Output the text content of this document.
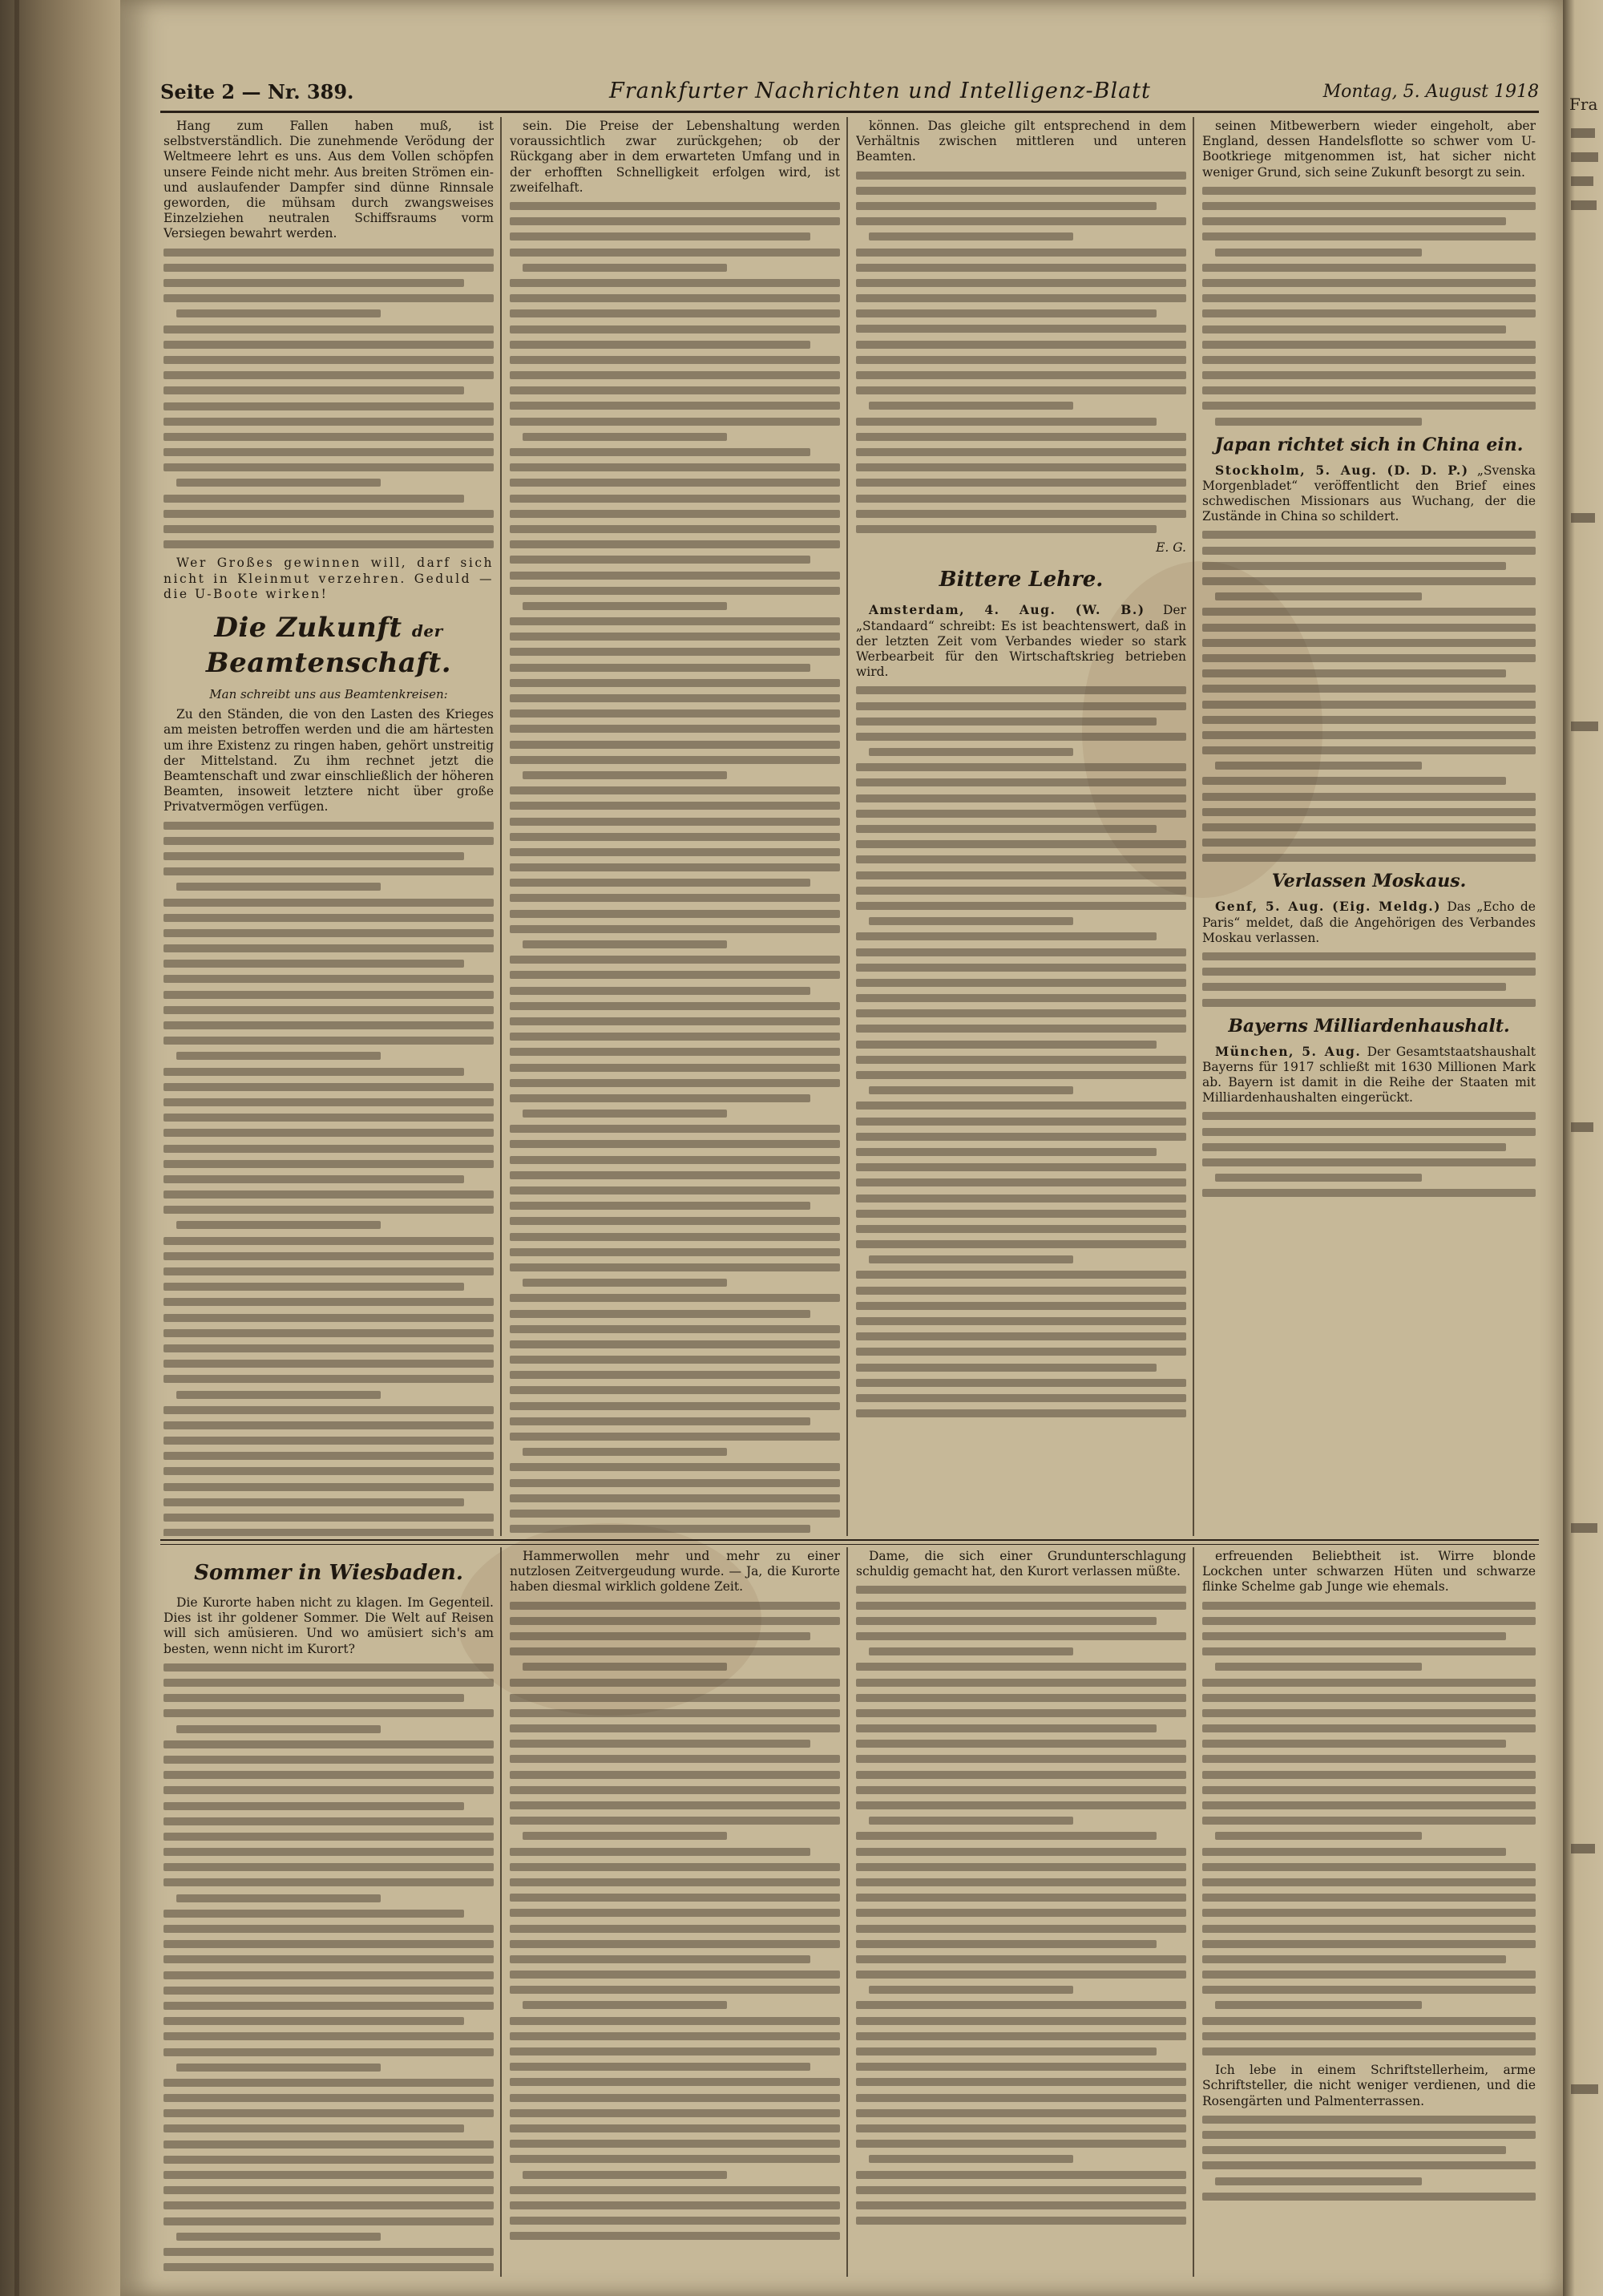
Fra
Seite 2 — Nr. 389.	Frankfurter Nachrichten und Intelligenz-Blatt	Montag, 5. August 1918

Hang zum Fallen haben muß, ist selbstverständlich. Die zunehmende Verödung der Weltmeere lehrt es uns. Aus dem Vollen schöpfen unsere Feinde nicht mehr. Aus breiten Strömen ein- und auslaufender Dampfer sind dünne Rinnsale geworden, die mühsam durch zwangsweises Einzelziehen neutralen Schiffsraums vorm Versiegen bewahrt werden.

Wer Großes gewinnen will, darf sich nicht in Kleinmut verzehren. Geduld — die U-Boote wirken!

Die Zukunft der Beamtenschaft.
Man schreibt uns aus Beamtenkreisen:

Zu den Ständen, die von den Lasten des Krieges am meisten betroffen werden und die am härtesten um ihre Existenz zu ringen haben, gehört unstreitig der Mittelstand. Zu ihm rechnet jetzt die Beamtenschaft und zwar einschließlich der höheren Beamten, insoweit letztere nicht über große Privatvermögen verfügen.

sein. Die Preise der Lebenshaltung werden voraussichtlich zwar zurückgehen; ob der Rückgang aber in dem erwarteten Umfang und in der erhofften Schnelligkeit erfolgen wird, ist zweifelhaft.

können. Das gleiche gilt entsprechend in dem Verhältnis zwischen mittleren und unteren Beamten.

E. G.
Bittere Lehre.

Amsterdam, 4. Aug. (W. B.) Der „Standaard“ schreibt: Es ist beachtenswert, daß in der letzten Zeit vom Verbandes wieder so stark Werbearbeit für den Wirtschaftskrieg betrieben wird.

seinen Mitbewerbern wieder eingeholt, aber England, dessen Handelsflotte so schwer vom U-Bootkriege mitgenommen ist, hat sicher nicht weniger Grund, sich seine Zukunft besorgt zu sein.

Japan richtet sich in China ein.

Stockholm, 5. Aug. (D. D. P.) „Svenska Morgenbladet“ veröffentlicht den Brief eines schwedischen Missionars aus Wuchang, der die Zustände in China so schildert.

Verlassen Moskaus.

Genf, 5. Aug. (Eig. Meldg.) Das „Echo de Paris“ meldet, daß die Angehörigen des Verbandes Moskau verlassen.

Bayerns Milliardenhaushalt.

München, 5. Aug. Der Gesamtstaatshaushalt Bayerns für 1917 schließt mit 1630 Millionen Mark ab. Bayern ist damit in die Reihe der Staaten mit Milliardenhaushalten eingerückt.

Sommer in Wiesbaden.

Die Kurorte haben nicht zu klagen. Im Gegenteil. Dies ist ihr goldener Sommer. Die Welt auf Reisen will sich amüsieren. Und wo amüsiert sich's am besten, wenn nicht im Kurort?

Hammerwollen mehr und mehr zu einer nutzlosen Zeitvergeudung wurde. — Ja, die Kurorte haben diesmal wirklich goldene Zeit.

Dame, die sich einer Grundunterschlagung schuldig gemacht hat, den Kurort verlassen müßte.

erfreuenden Beliebtheit ist. Wirre blonde Lockchen unter schwarzen Hüten und schwarze flinke Schelme gab Junge wie ehemals.

Ich lebe in einem Schriftstellerheim, arme Schriftsteller, die nicht weniger verdienen, und die Rosengärten und Palmenterrassen.
